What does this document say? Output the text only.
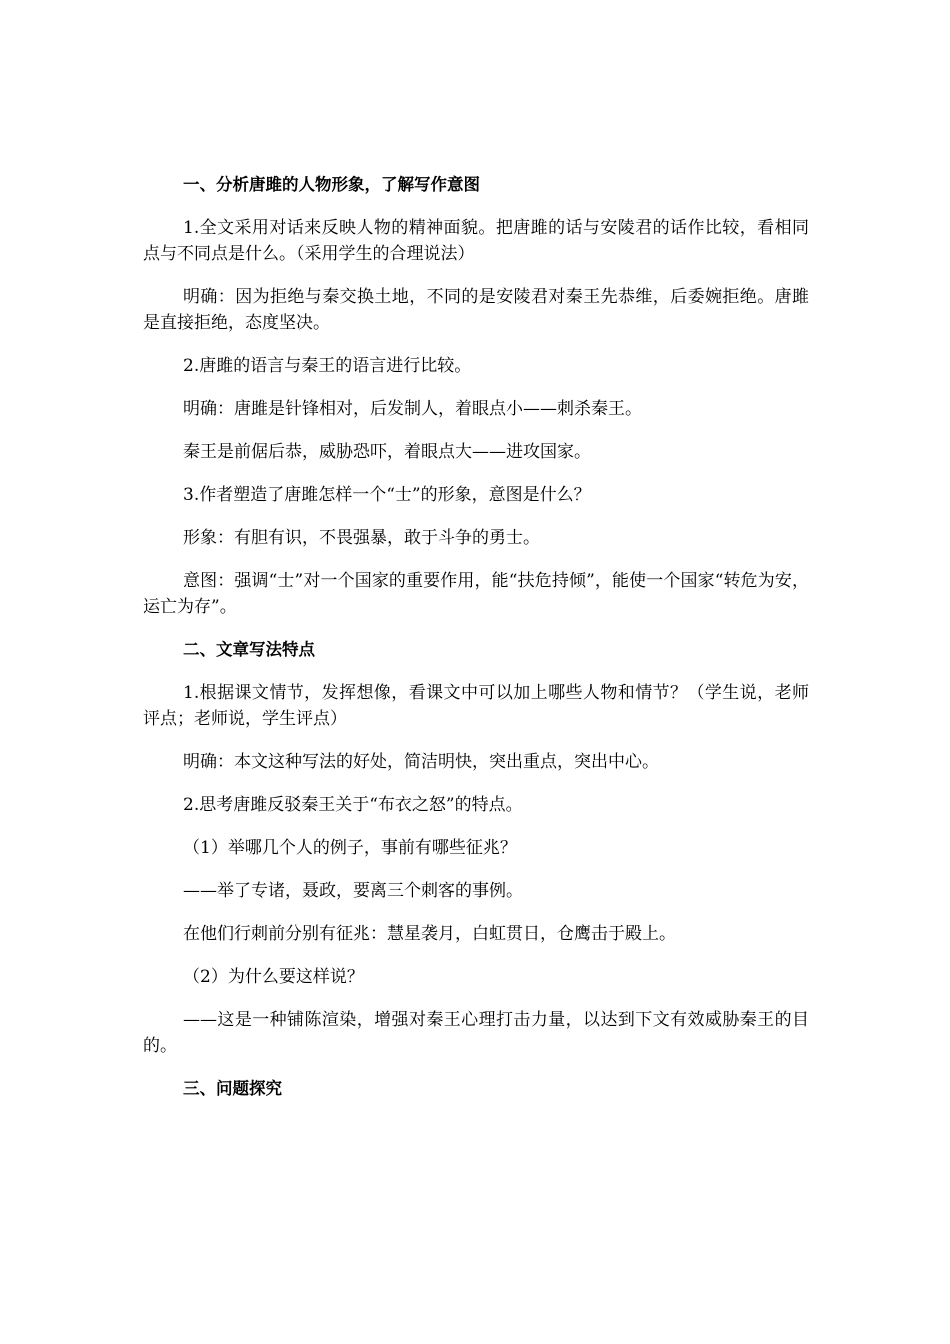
一、分析唐雎的人物形象，了解写作意图
1.全文采用对话来反映人物的精神面貌。把唐雎的话与安陵君的话作比较，看相同点与不同点是什么。（采用学生的合理说法）
明确：因为拒绝与秦交换土地，不同的是安陵君对秦王先恭维，后委婉拒绝。唐雎是直接拒绝，态度坚决。
2.唐雎的语言与秦王的语言进行比较。
明确：唐雎是针锋相对，后发制人，着眼点小——刺杀秦王。
秦王是前倨后恭，威胁恐吓，着眼点大——进攻国家。
3.作者塑造了唐雎怎样一个“士”的形象，意图是什么？
形象：有胆有识，不畏强暴，敢于斗争的勇士。
意图：强调“士”对一个国家的重要作用，能“扶危持倾”，能使一个国家“转危为安，运亡为存”。
二、文章写法特点
1.根据课文情节，发挥想像，看课文中可以加上哪些人物和情节？（学生说，老师评点；老师说，学生评点）
明确：本文这种写法的好处，简洁明快，突出重点，突出中心。
2.思考唐雎反驳秦王关于“布衣之怒”的特点。
（1）举哪几个人的例子，事前有哪些征兆？
——举了专诸，聂政，要离三个刺客的事例。
在他们行刺前分别有征兆：慧星袭月，白虹贯日，仓鹰击于殿上。
（2）为什么要这样说？
——这是一种铺陈渲染，增强对秦王心理打击力量，以达到下文有效威胁秦王的目的。
三、问题探究
